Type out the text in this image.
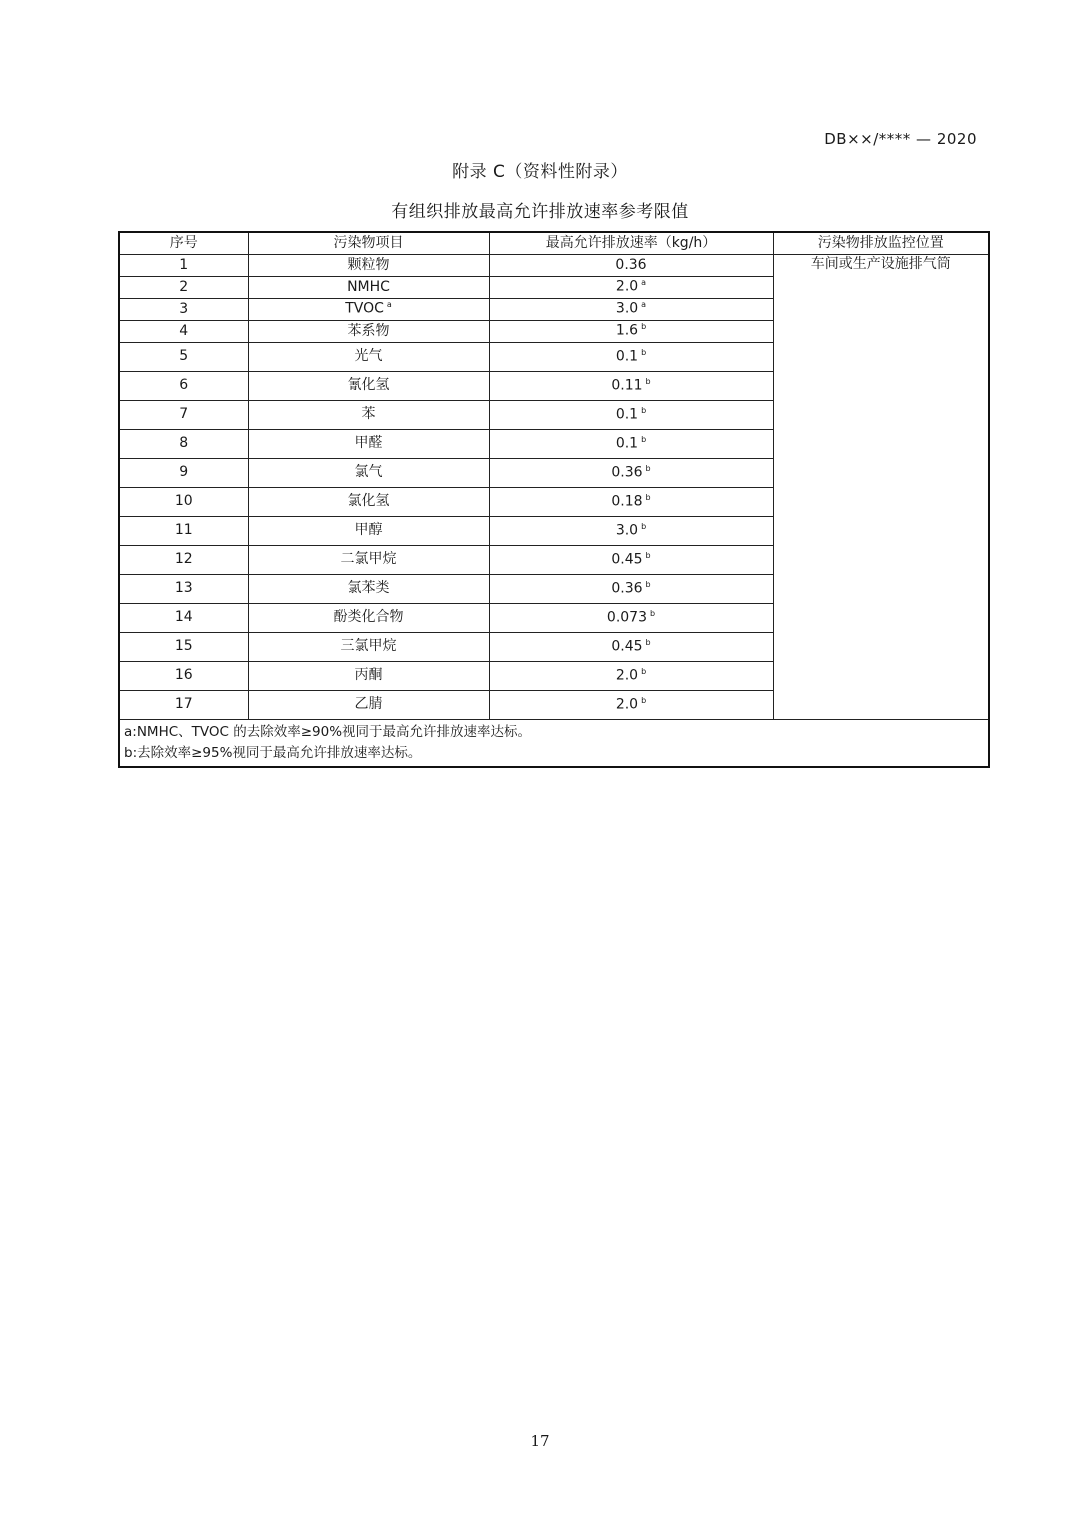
DB××/**** — 2020
附录 C（资料性附录）
有组织排放最高允许排放速率参考限值
序号	污染物项目	最高允许排放速率（kg/h）	污染物排放监控位置
1	颗粒物	0.36	车间或生产设施排气筒
2	NMHC	2.0 $^a$
3	TVOC $^a$	3.0 $^a$
4	苯系物	1.6 $^b$
5	光气	0.1 $^b$
6	氰化氢	0.11 $^b$
7	苯	0.1 $^b$
8	甲醛	0.1 $^b$
9	氯气	0.36 $^b$
10	氯化氢	0.18 $^b$
11	甲醇	3.0 $^b$
12	二氯甲烷	0.45 $^b$
13	氯苯类	0.36 $^b$
14	酚类化合物	0.073 $^b$
15	三氯甲烷	0.45 $^b$
16	丙酮	2.0 $^b$
17	乙腈	2.0 $^b$

a:NMHC、TVOC 的去除效率≥90%视同于最高允许排放速率达标。
b:去除效率≥95%视同于最高允许排放速率达标。			
17
